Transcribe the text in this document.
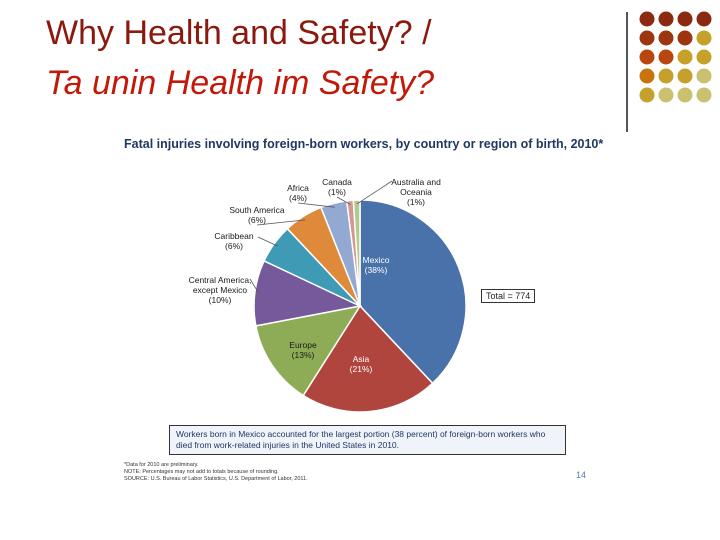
Why Health and Safety? /
Ta unin Health im Safety?
Fatal injuries involving foreign-born workers, by country or region of birth, 2010*
Mexico (38%)
Asia (21%)
Europe (13%)
Central America, except Mexico (10%)
Caribbean (6%)
South America (6%)
Africa (4%)
Canada (1%)
Australia and Oceania (1%)
Total = 774
Workers born in Mexico accounted for the largest portion (38 percent) of foreign-born workers who died from work-related injuries in the United States in 2010.
*Data for 2010 are preliminary.
NOTE: Percentages may not add to totals because of rounding.
SOURCE: U.S. Bureau of Labor Statistics, U.S. Department of Labor, 2011.	14
